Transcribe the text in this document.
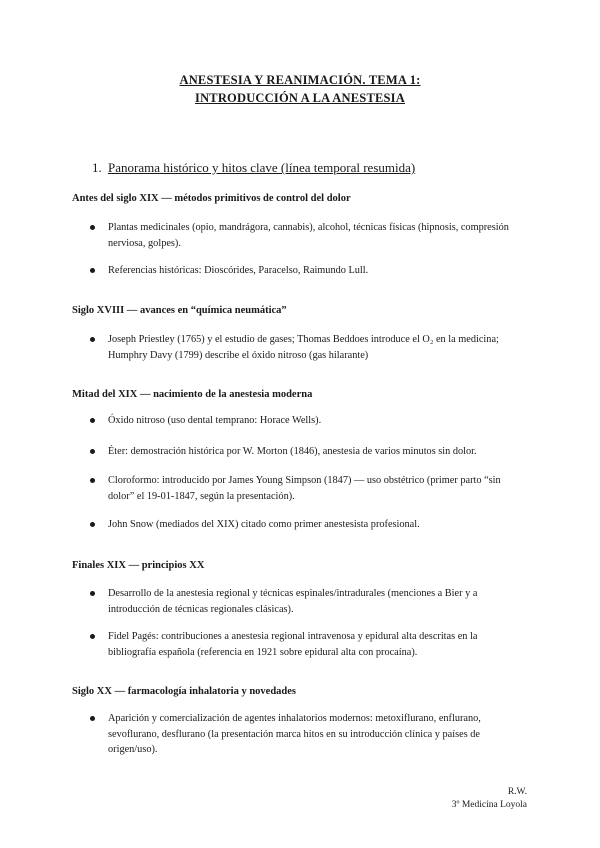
ANESTESIA Y REANIMACIÓN. TEMA 1:
INTRODUCCIÓN A LA ANESTESIA
1. Panorama histórico y hitos clave (línea temporal resumida)
Antes del siglo XIX — métodos primitivos de control del dolor
Plantas medicinales (opio, mandrágora, cannabis), alcohol, técnicas físicas (hipnosis, compresión nerviosa, golpes).
Referencias históricas: Dioscórides, Paracelso, Raimundo Lull.
Siglo XVIII — avances en “química neumática”
Joseph Priestley (1765) y el estudio de gases; Thomas Beddoes introduce el O₂ en la medicina; Humphry Davy (1799) describe el óxido nitroso (gas hilarante)
Mitad del XIX — nacimiento de la anestesia moderna
Óxido nitroso (uso dental temprano: Horace Wells).
Éter: demostración histórica por W. Morton (1846), anestesia de varios minutos sin dolor.
Cloroformo: introducido por James Young Simpson (1847) — uso obstétrico (primer parto “sin dolor” el 19-01-1847, según la presentación).
John Snow (mediados del XIX) citado como primer anestesista profesional.
Finales XIX — principios XX
Desarrollo de la anestesia regional y técnicas espinales/intradurales (menciones a Bier y a introducción de técnicas regionales clásicas).
Fidel Pagés: contribuciones a anestesia regional intravenosa y epidural alta descritas en la bibliografía española (referencia en 1921 sobre epidural alta con procaína).
Siglo XX — farmacología inhalatoria y novedades
Aparición y comercialización de agentes inhalatorios modernos: metoxiflurano, enflurano, sevoflurano, desflurano (la presentación marca hitos en su introducción clínica y países de origen/uso).
R.W.
3º Medicina Loyola
